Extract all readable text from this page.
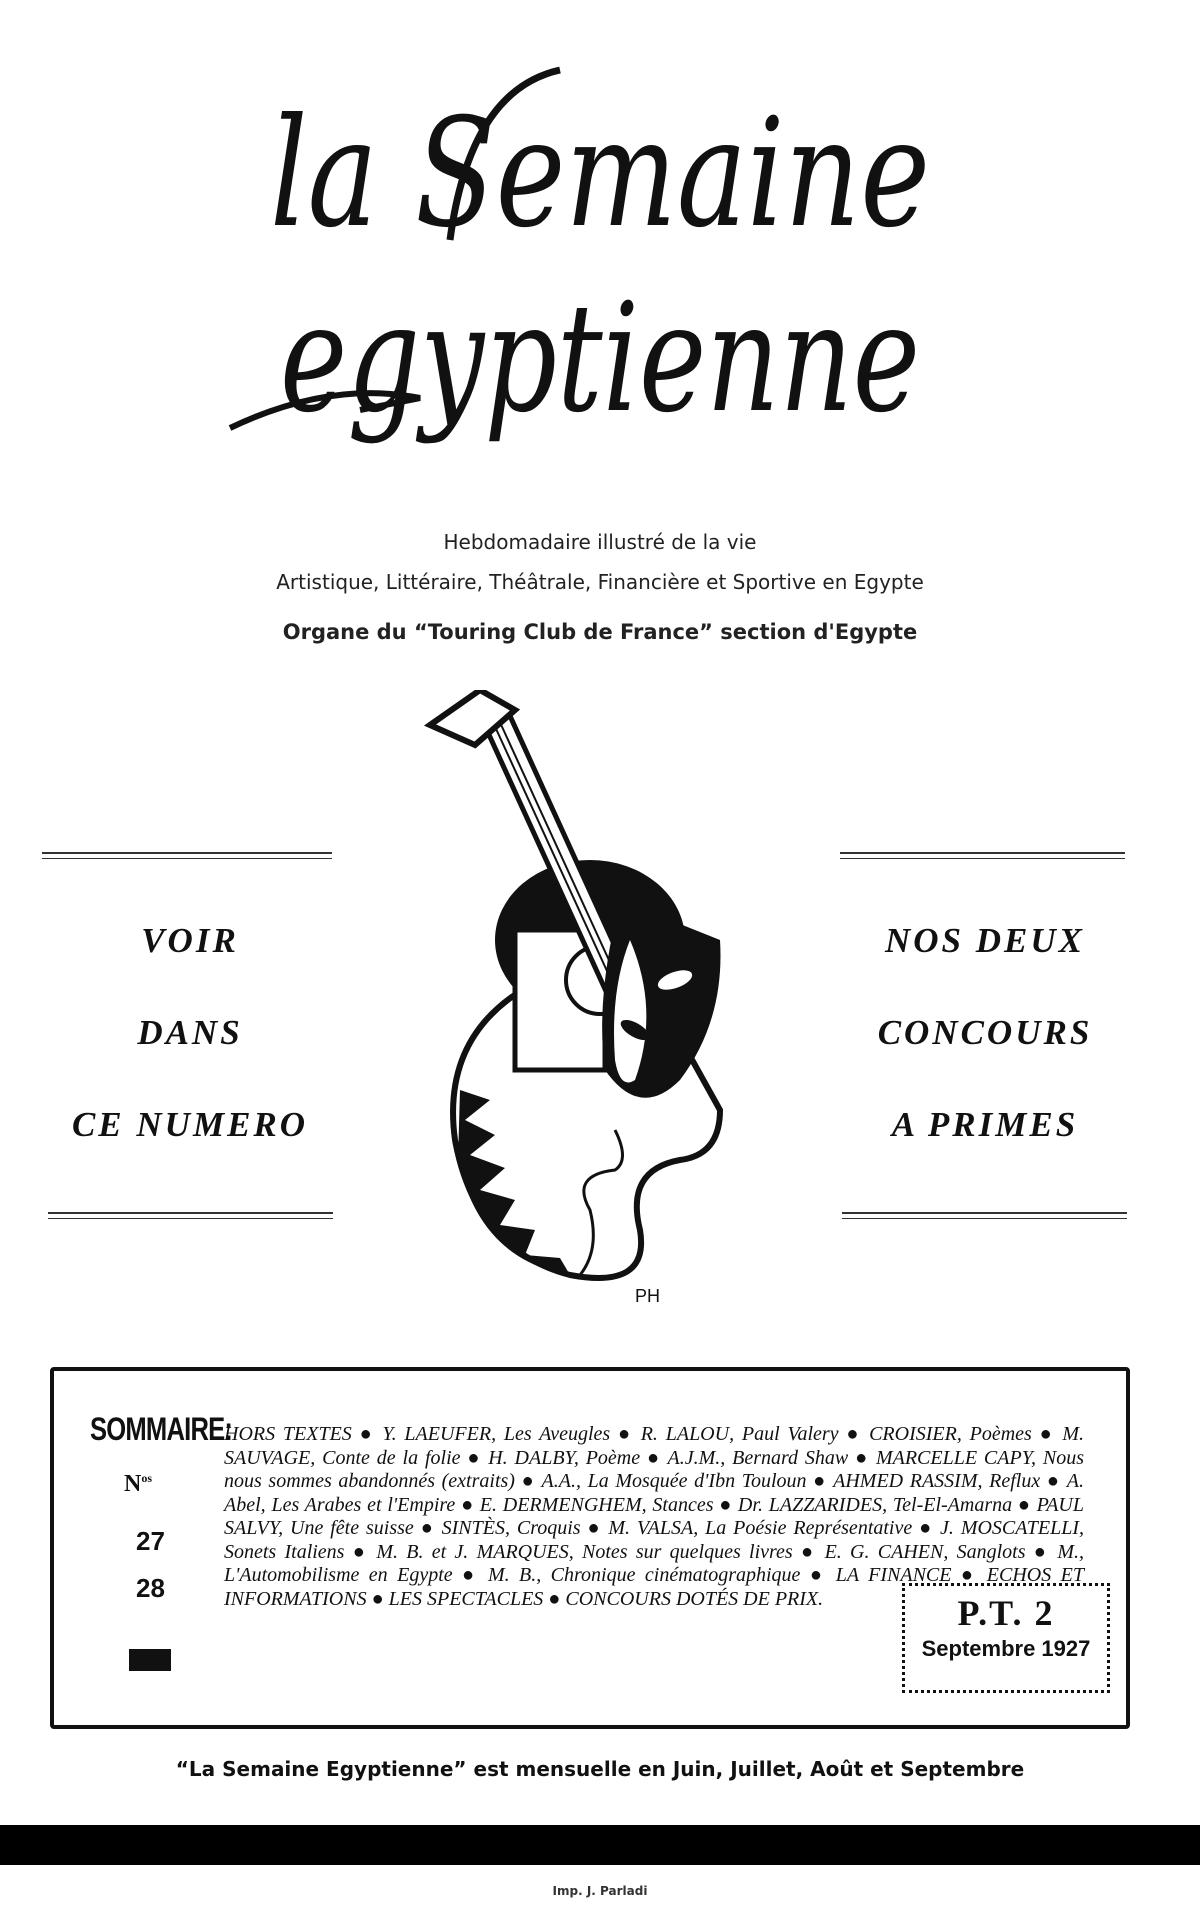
la Semaine
egyptienne
Hebdomadaire illustré de la vie
Artistique, Littéraire, Théâtrale, Financière et Sportive en Egypte
Organe du “Touring Club de France” section d'Egypte
VOIR
DANS
CE NUMERO
NOS DEUX
CONCOURS
A PRIMES
PH
SOMMAIRE:
$N^{os}$
27
28
HORS TEXTES ● Y. LAEUFER, Les Aveugles ● R. LALOU, Paul Valery ● CROISIER, Poèmes ● M. SAUVAGE, Conte de la folie ● H. DALBY, Poème ● A.J.M., Bernard Shaw ● MARCELLE CAPY, Nous nous sommes abandonnés (extraits) ● A.A., La Mosquée d'Ibn Touloun ● AHMED RASSIM, Reflux ● A. Abel, Les Arabes et l'Empire ● E. DERMENGHEM, Stances ● Dr. LAZZARIDES, Tel-El-Amarna ● PAUL SALVY, Une fête suisse ● SINTÈS, Croquis ● M. VALSA, La Poésie Représentative ● J. MOSCATELLI, Sonets Italiens ● M. B. et J. MARQUES, Notes sur quelques livres ● E. G. CAHEN, Sanglots ● M., L'Automobilisme en Egypte ● M. B., Chronique cinématographique ● LA FINANCE ● ECHOS ET INFORMATIONS ● LES SPECTACLES ● CONCOURS DOTÉS DE PRIX.	P.T. 2
Septembre 1927
“La Semaine Egyptienne” est mensuelle en Juin, Juillet, Août et Septembre
Imp. J. Parladi
